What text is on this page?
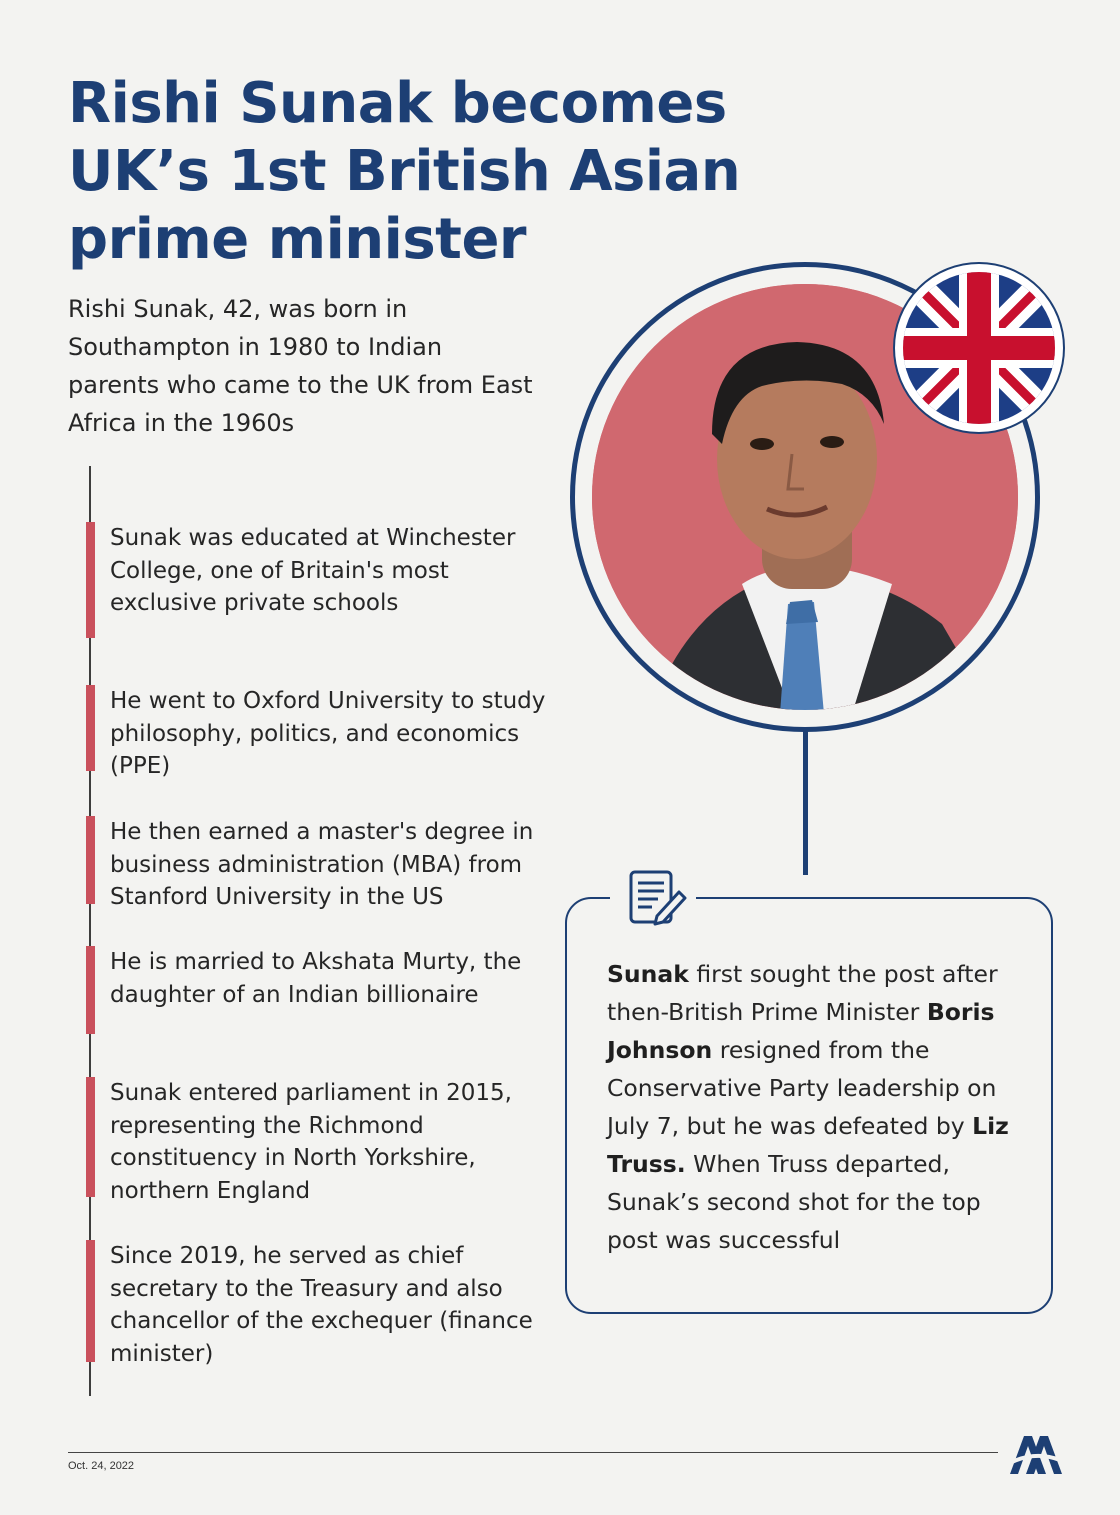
Rishi Sunak becomes
UK’s 1st British Asian
prime minister

Rishi Sunak, 42, was born in Southampton in 1980 to Indian parents who came to the UK from East Africa in the 1960s

Sunak was educated at Winchester College, one of Britain's most exclusive private schools
He went to Oxford University to study philosophy, politics, and economics (PPE)
He then earned a master's degree in business administration (MBA) from Stanford University in the US
He is married to Akshata Murty, the daughter of an Indian billionaire
Sunak entered parliament in 2015, representing the Richmond constituency in North Yorkshire, northern England
Since 2019, he served as chief secretary to the Treasury and also chancellor of the exchequer (finance minister)

Sunak first sought the post after then-British Prime Minister Boris Johnson resigned from the Conservative Party leadership on July 7, but he was defeated by Liz Truss. When Truss departed, Sunak’s second shot for the top post was successful

Oct. 24, 2022
